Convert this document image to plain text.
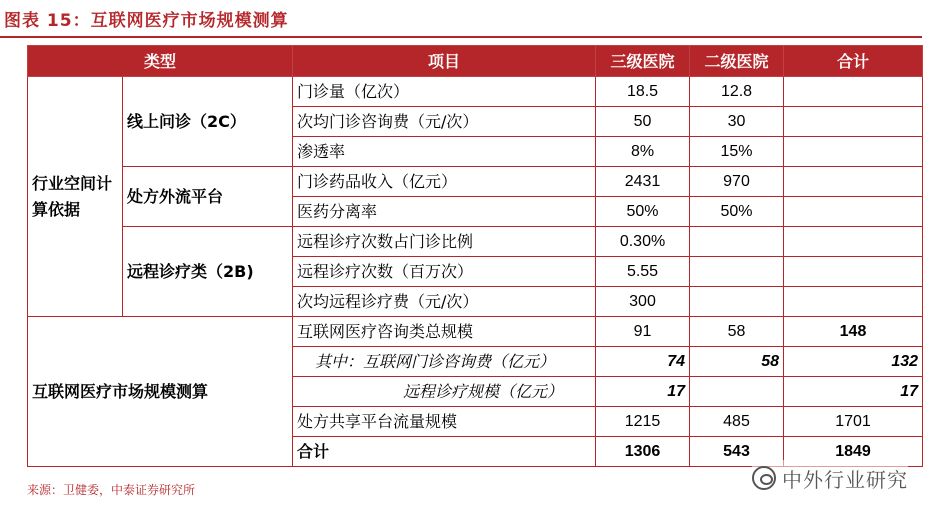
图表 15：互联网医疗市场规模测算
类型		项目	三级医院	二级医院	合计
行业空间计算依据	线上问诊（2C）	门诊量（亿次）	18.5	12.8	
		次均门诊咨询费（元/次）	50	30	
		渗透率	8%	15%	
	处方外流平台	门诊药品收入（亿元）	2431	970	
		医药分离率	50%	50%	
	远程诊疗类（2B)	远程诊疗次数占门诊比例	0.30%		
		远程诊疗次数（百万次）	5.55		
		次均远程诊疗费（元/次）	300		
互联网医疗市场规模测算		互联网医疗咨询类总规模	91	58	148
		其中：互联网门诊咨询费（亿元）	74	58	132
		远程诊疗规模（亿元）	17		17
		处方共享平台流量规模	1215	485	1701
		合计	1306	543	1849
来源：卫健委，中泰证券研究所	中外行业研究
